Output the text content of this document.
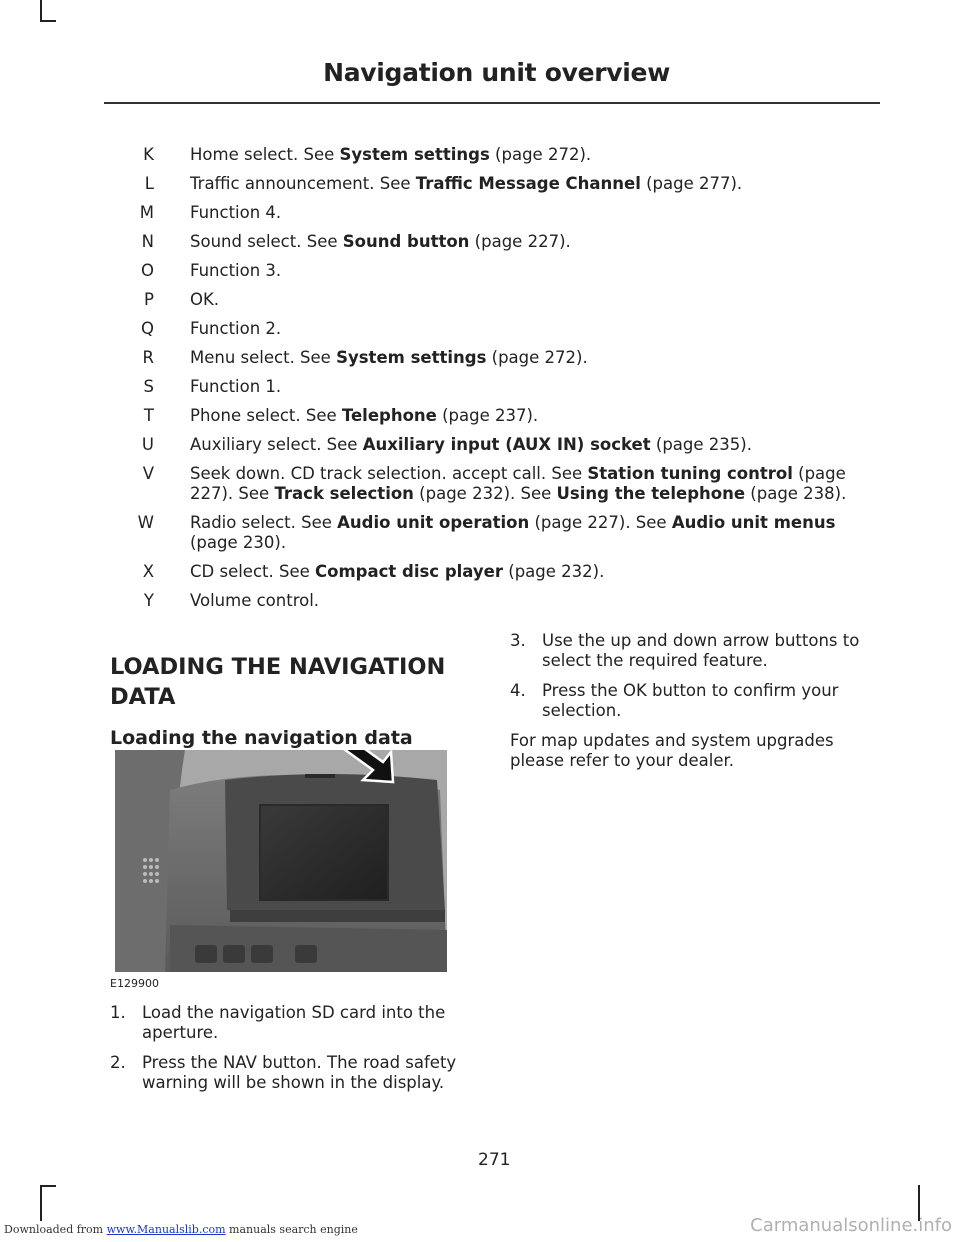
Navigation unit overview
K Home select. See System settings (page 272).
L Traffic announcement. See Traffic Message Channel (page 277).
M Function 4.
N Sound select. See Sound button (page 227).
O Function 3.
P OK.
Q Function 2.
R Menu select. See System settings (page 272).
S Function 1.
T Phone select. See Telephone (page 237).
U Auxiliary select. See Auxiliary input (AUX IN) socket (page 235).
V Seek down. CD track selection. accept call. See Station tuning control (page 227). See Track selection (page 232). See Using the telephone (page 238).
W Radio select. See Audio unit operation (page 227). See Audio unit menus (page 230).
X CD select. See Compact disc player (page 232).
Y Volume control.
LOADING THE NAVIGATION DATA
Loading the navigation data
E129900
1. Load the navigation SD card into the aperture.
2. Press the NAV button. The road safety warning will be shown in the display.
3. Use the up and down arrow buttons to select the required feature.
4. Press the OK button to confirm your selection.
For map updates and system upgrades please refer to your dealer.
271
Downloaded from www.Manualslib.com manuals search engine	Carmanualsonline.info
